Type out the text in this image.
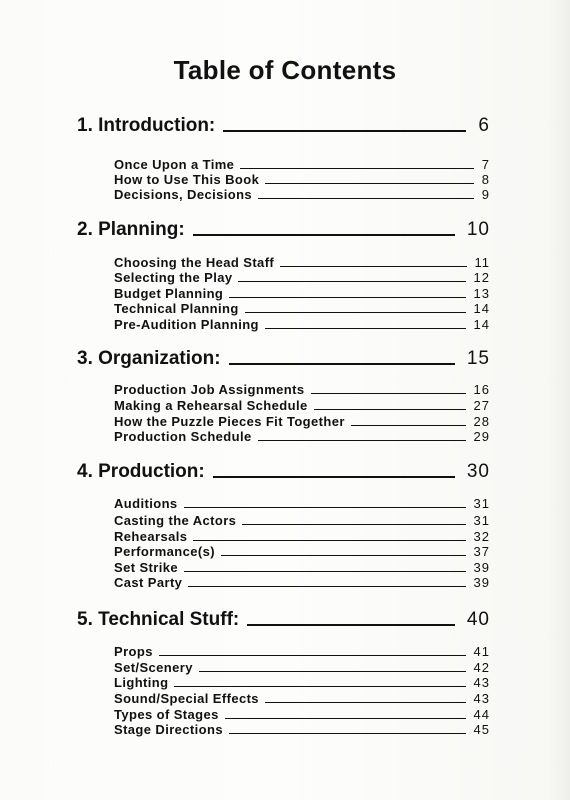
Table of Contents
1. Introduction:	6
Once Upon a Time	7
How to Use This Book	8
Decisions, Decisions	9
2. Planning:	10
Choosing the Head Staff	11
Selecting the Play	12
Budget Planning	13
Technical Planning	14
Pre-Audition Planning	14
3. Organization:	15
Production Job Assignments	16
Making a Rehearsal Schedule	27
How the Puzzle Pieces Fit Together	28
Production Schedule	29
4. Production:	30
Auditions	31
Casting the Actors	31
Rehearsals	32
Performance(s)	37
Set Strike	39
Cast Party	39
5. Technical Stuff:	40
Props	41
Set/Scenery	42
Lighting	43
Sound/Special Effects	43
Types of Stages	44
Stage Directions	45
